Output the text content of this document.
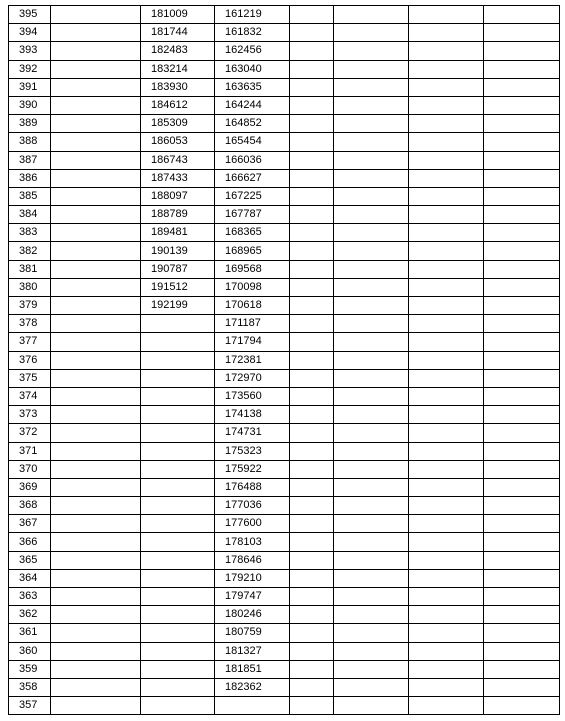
395		181009	161219				
394		181744	161832				
393		182483	162456				
392		183214	163040				
391		183930	163635				
390		184612	164244				
389		185309	164852				
388		186053	165454				
387		186743	166036				
386		187433	166627				
385		188097	167225				
384		188789	167787				
383		189481	168365				
382		190139	168965				
381		190787	169568				
380		191512	170098				
379		192199	170618				
378			171187				
377			171794				
376			172381				
375			172970				
374			173560				
373			174138				
372			174731				
371			175323				
370			175922				
369			176488				
368			177036				
367			177600				
366			178103				
365			178646				
364			179210				
363			179747				
362			180246				
361			180759				
360			181327				
359			181851				
358			182362				
357							
